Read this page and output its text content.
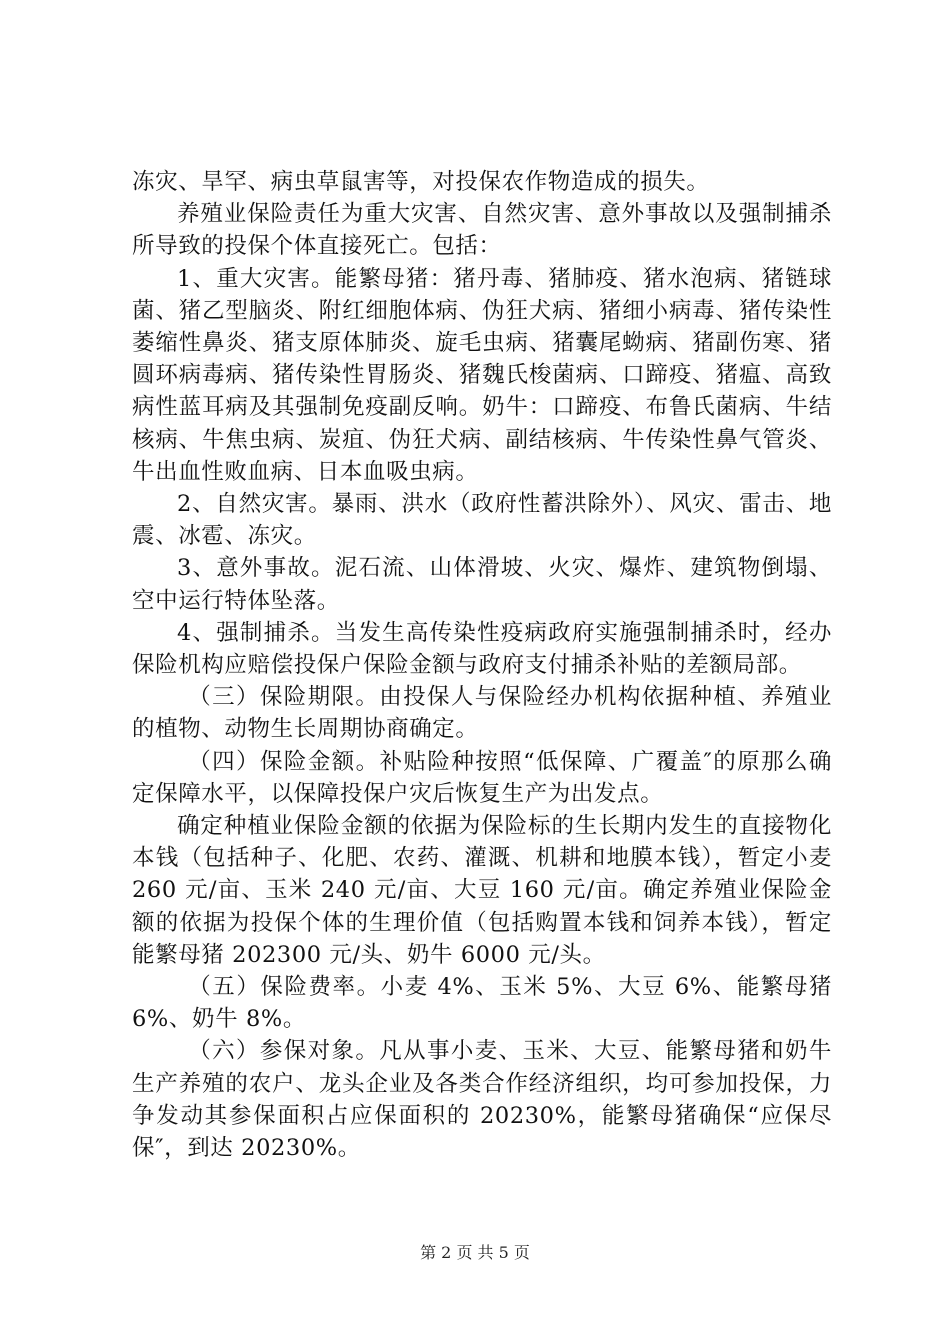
冻灾、旱罕、病虫草鼠害等，对投保农作物造成的损失。

养殖业保险责任为重大灾害、自然灾害、意外事故以及强制捕杀所导致的投保个体直接死亡。包括：

1、重大灾害。能繁母猪：猪丹毒、猪肺疫、猪水泡病、猪链球菌、猪乙型脑炎、附红细胞体病、伪狂犬病、猪细小病毒、猪传染性萎缩性鼻炎、猪支原体肺炎、旋毛虫病、猪囊尾蚴病、猪副伤寒、猪圆环病毒病、猪传染性胃肠炎、猪魏氏梭菌病、口蹄疫、猪瘟、高致病性蓝耳病及其强制免疫副反响。奶牛：口蹄疫、布鲁氏菌病、牛结核病、牛焦虫病、炭疽、伪狂犬病、副结核病、牛传染性鼻气管炎、牛出血性败血病、日本血吸虫病。

2、自然灾害。暴雨、洪水（政府性蓄洪除外）、风灾、雷击、地震、冰雹、冻灾。

3、意外事故。泥石流、山体滑坡、火灾、爆炸、建筑物倒塌、空中运行特体坠落。

4、强制捕杀。当发生高传染性疫病政府实施强制捕杀时，经办保险机构应赔偿投保户保险金额与政府支付捕杀补贴的差额局部。

（三）保险期限。由投保人与保险经办机构依据种植、养殖业的植物、动物生长周期协商确定。

（四）保险金额。补贴险种按照“低保障、广覆盖″的原那么确定保障水平，以保障投保户灾后恢复生产为出发点。

确定种植业保险金额的依据为保险标的生长期内发生的直接物化本钱（包括种子、化肥、农药、灌溉、机耕和地膜本钱），暂定小麦 260 元/亩、玉米 240 元/亩、大豆 160 元/亩。确定养殖业保险金额的依据为投保个体的生理价值（包括购置本钱和饲养本钱），暂定能繁母猪 202300 元/头、奶牛 6000 元/头。

（五）保险费率。小麦 4%、玉米 5%、大豆 6%、能繁母猪 6%、奶牛 8%。

（六）参保对象。凡从事小麦、玉米、大豆、能繁母猪和奶牛生产养殖的农户、龙头企业及各类合作经济组织，均可参加投保，力争发动其参保面积占应保面积的 20230%，能繁母猪确保“应保尽保″，到达 20230%。

第 2 页 共 5 页
